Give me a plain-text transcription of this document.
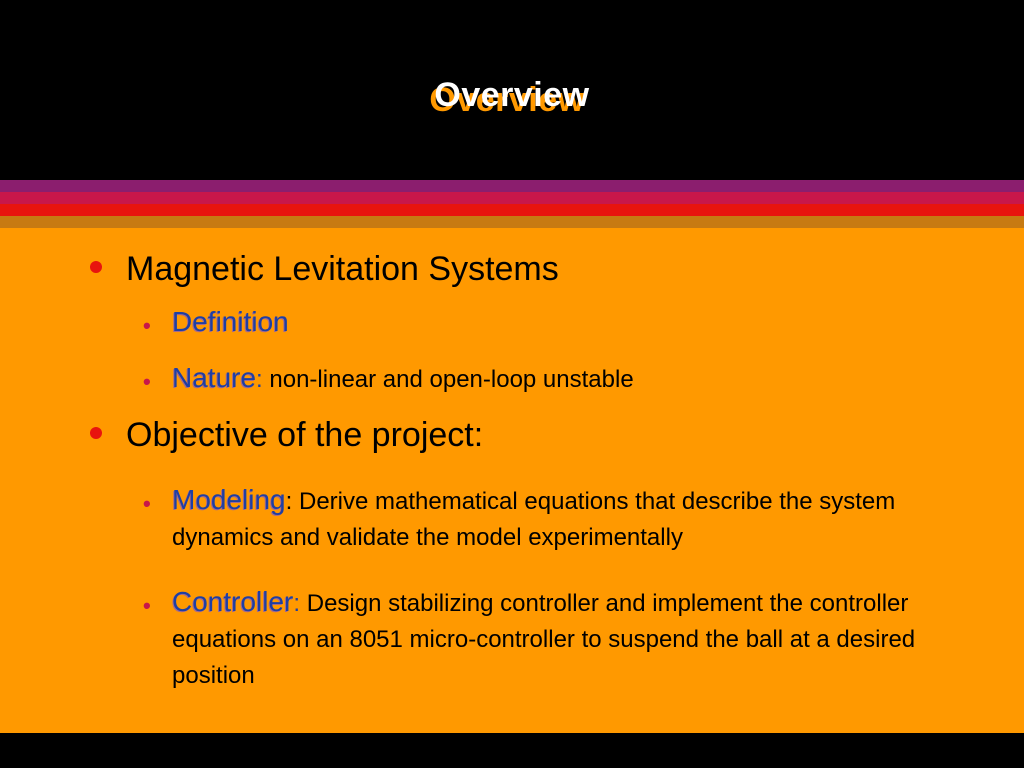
Overview
Magnetic Levitation Systems
• Definition
• Nature: non-linear and open-loop unstable
Objective of the project:
• Modeling: Derive mathematical equations that describe the system dynamics and validate the model experimentally
• Controller: Design stabilizing controller and implement the controller equations on an 8051 micro-controller to suspend the ball at a desired position
